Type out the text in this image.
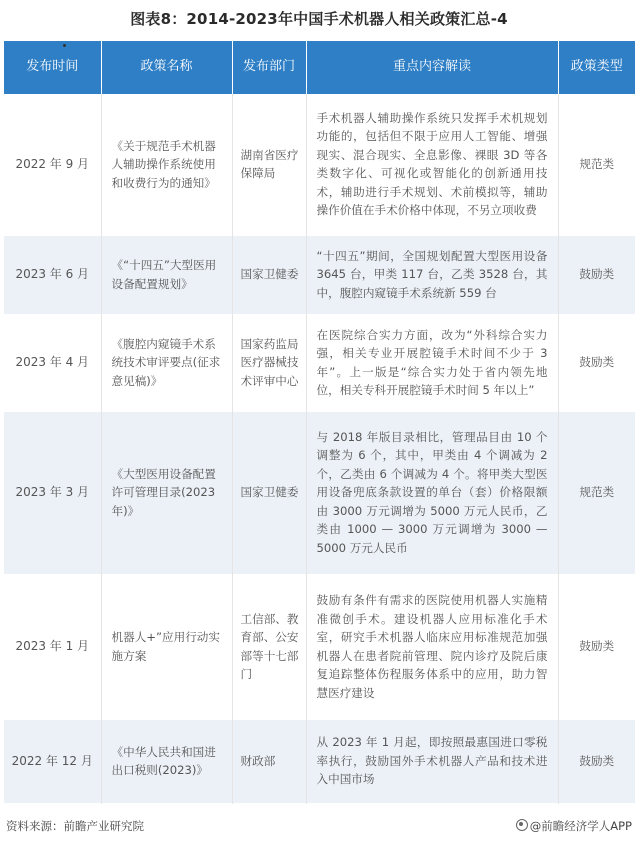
图表8：2014-2023年中国手术机器人相关政策汇总-4
发布时间	政策名称	发布部门	重点内容解读	政策类型
2022 年 9 月	《关于规范手术机器人辅助操作系统使用和收费行为的通知》	湖南省医疗保障局	手术机器人辅助操作系统只发挥手术机规划功能的，包括但不限于应用人工智能、增强现实、混合现实、全息影像、裸眼 3D 等各类数字化、可视化或智能化的创新通用技术，辅助进行手术规划、术前模拟等，辅助操作价值在手术价格中体现，不另立项收费	规范类
2023 年 6 月	《“十四五”大型医用设备配置规划》	国家卫健委	“十四五”期间，全国规划配置大型医用设备 3645 台，甲类 117 台，乙类 3528 台，其中，腹腔内窥镜手术系统新 559 台	鼓励类
2023 年 4 月	《腹腔内窥镜手术系统技术审评要点(征求意见稿)》	国家药监局医疗器械技术评审中心	在医院综合实力方面，改为“外科综合实力强，相关专业开展腔镜手术时间不少于 3 年”。上一版是“综合实力处于省内领先地位，相关专科开展腔镜手术时间 5 年以上”	鼓励类
2023 年 3 月	《大型医用设备配置许可管理目录(2023年)》	国家卫健委	与 2018 年版目录相比，管理品目由 10 个调整为 6 个，其中，甲类由 4 个调减为 2 个，乙类由 6 个调减为 4 个。将甲类大型医用设备兜底条款设置的单台（套）价格限额由 3000 万元调增为 5000 万元人民币，乙类由 1000 — 3000 万元调增为 3000 — 5000 万元人民币	规范类
2023 年 1 月	机器人+”应用行动实施方案	工信部、教育部、公安部等十七部门	鼓励有条件有需求的医院使用机器人实施精准微创手术。建设机器人应用标准化手术室，研究手术机器人临床应用标准规范加强机器人在患者院前管理、院内诊疗及院后康复追踪整体伤程服务体系中的应用，助力智慧医疗建设	鼓励类
2022 年 12 月	《中华人民共和国进出口税则(2023)》	财政部	从 2023 年 1 月起，即按照最惠国进口零税率执行，鼓励国外手术机器人产品和技术进入中国市场	鼓励类
资料来源：前瞻产业研究院	@前瞻经济学人APP
